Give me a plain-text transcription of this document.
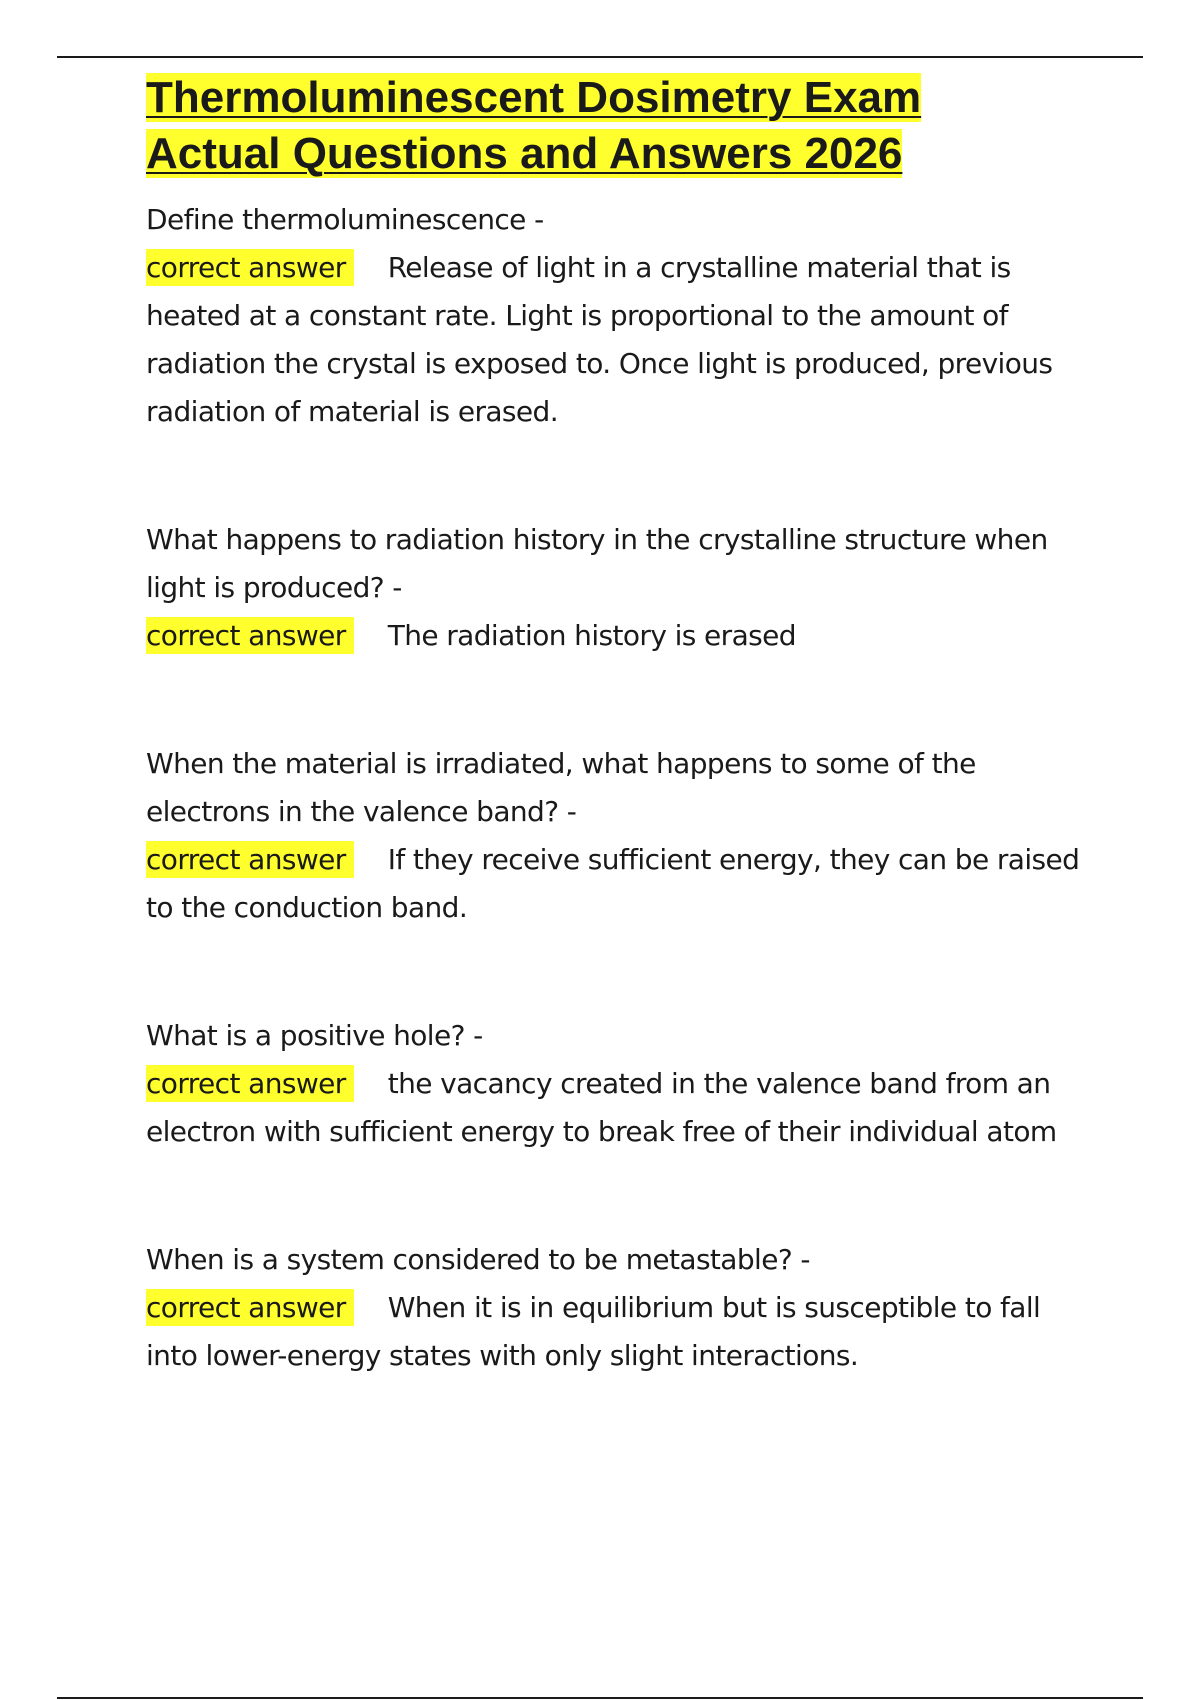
Thermoluminescent Dosimetry Exam
Actual Questions and Answers 2026

Define thermoluminescence -

correct answer Release of light in a crystalline material that is heated at a constant rate. Light is proportional to the amount of radiation the crystal is exposed to. Once light is produced, previous radiation of material is erased.

What happens to radiation history in the crystalline structure when light is produced? -

correct answer The radiation history is erased

When the material is irradiated, what happens to some of the electrons in the valence band? -

correct answer If they receive sufficient energy, they can be raised to the conduction band.

What is a positive hole? -

correct answer the vacancy created in the valence band from an electron with sufficient energy to break free of their individual atom

When is a system considered to be metastable? -

correct answer When it is in equilibrium but is susceptible to fall into lower-energy states with only slight interactions.
